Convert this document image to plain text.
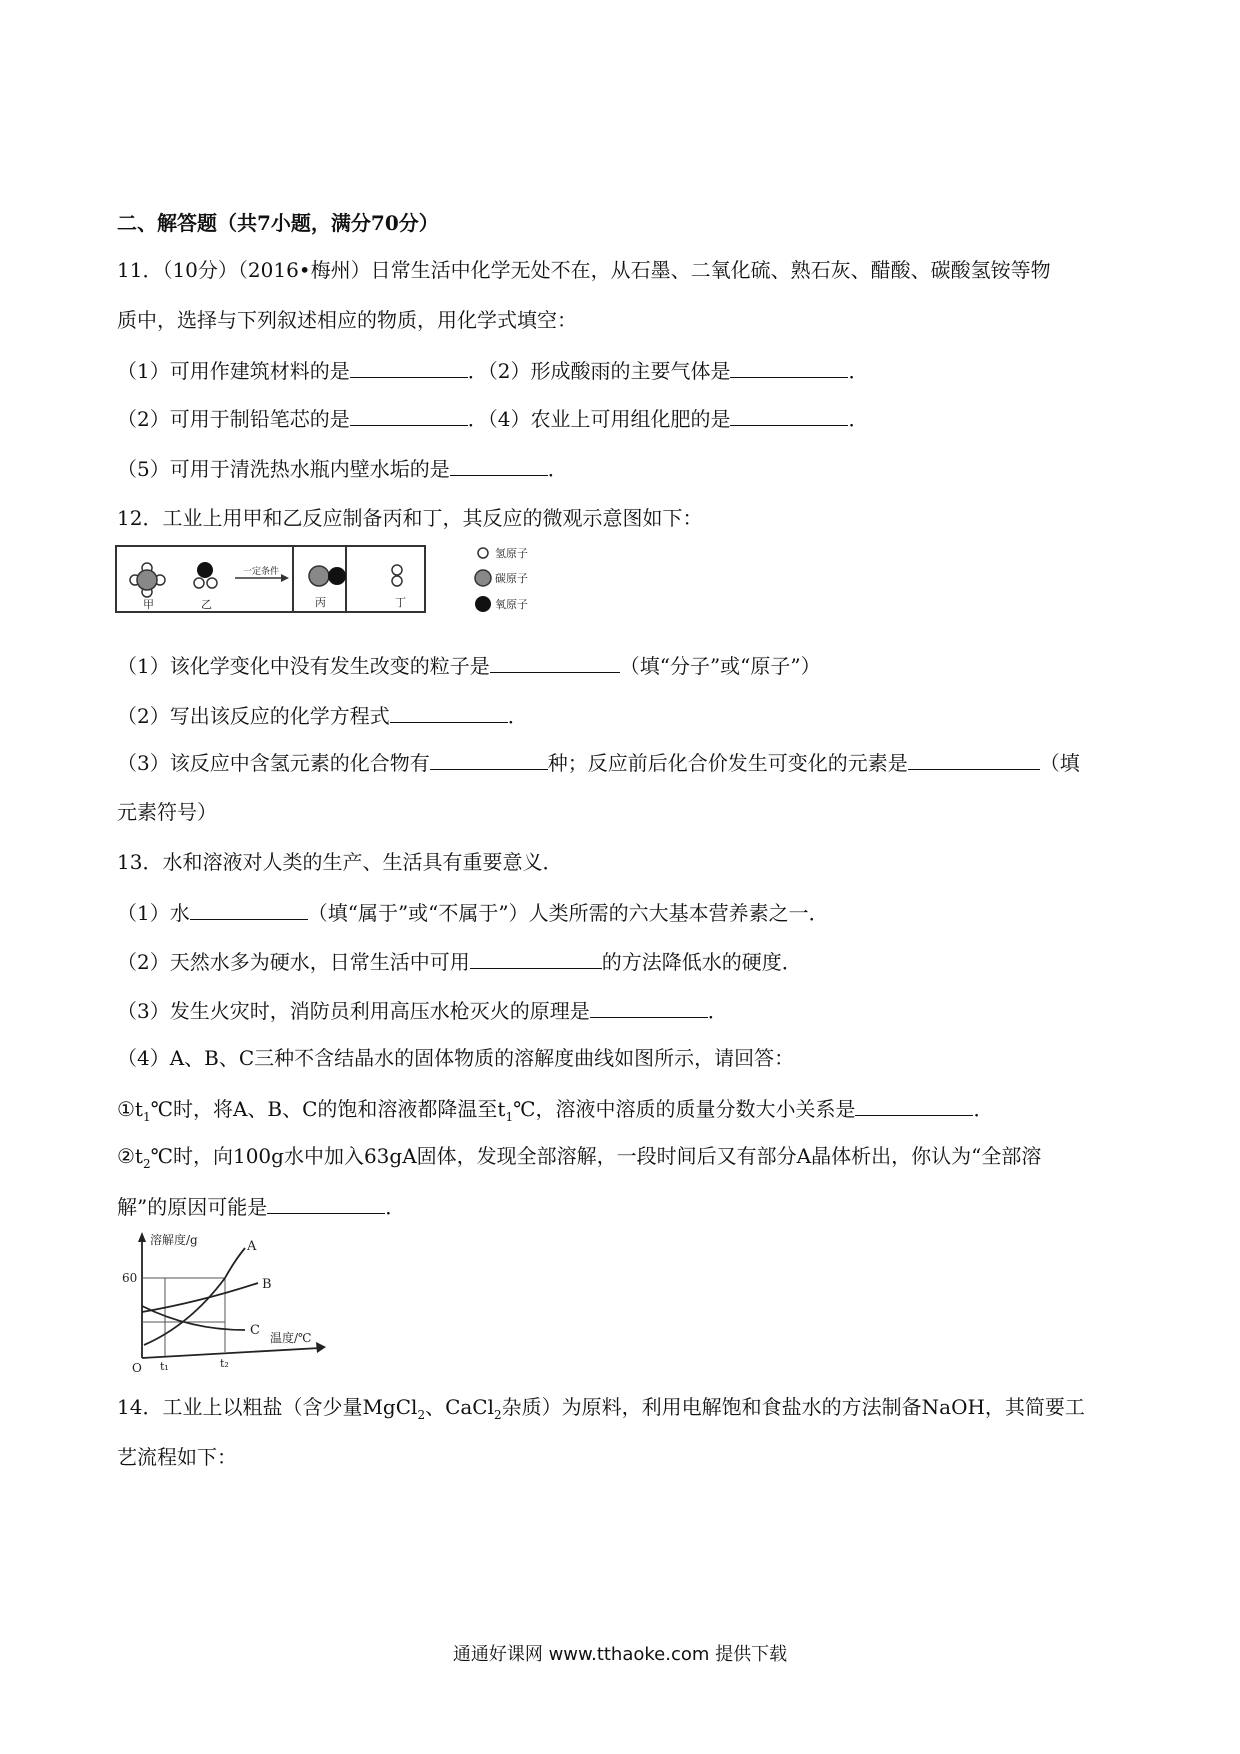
二、解答题（共7小题，满分70分）
11．（10分）（2016•梅州）日常生活中化学无处不在，从石墨、二氧化硫、熟石灰、醋酸、碳酸氢铵等物
质中，选择与下列叙述相应的物质，用化学式填空：
（1）可用作建筑材料的是	．（2）形成酸雨的主要气体是	．
（2）可用于制铅笔芯的是	．（4）农业上可用组化肥的是	．
（5）可用于清洗热水瓶内壁水垢的是	．
12．工业上用甲和乙反应制备丙和丁，其反应的微观示意图如下：
甲	乙
一定条件
丙	丁
氢原子
碳原子
氧原子
（1）该化学变化中没有发生改变的粒子是	（填“分子”或“原子”）
（2）写出该反应的化学方程式	．
（3）该反应中含氢元素的化合物有	种；反应前后化合价发生可变化的元素是	（填
元素符号）
13．水和溶液对人类的生产、生活具有重要意义．
（1）水	（填“属于”或“不属于”）人类所需的六大基本营养素之一．
（2）天然水多为硬水，日常生活中可用	的方法降低水的硬度．
（3）发生火灾时，消防员利用高压水枪灭火的原理是	．
（4）A、B、C三种不含结晶水的固体物质的溶解度曲线如图所示，请回答：
$①t_1℃$时，将A、B、C的饱和溶液都降温至$t_1℃$，溶液中溶质的质量分数大小关系是	．
$②t_2℃$时，向100g水中加入63gA固体，发现全部溶解，一段时间后又有部分A晶体析出，你认为“全部溶
解”的原因可能是	．
溶解度/g
温度/℃
60
O t₁	t₂
A
B
C
14．工业上以粗盐（含少量MgCl$_2$、CaCl$_2$杂质）为原料，利用电解饱和食盐水的方法制备NaOH，其简要工
艺流程如下：
通通好课网 www.tthaoke.com 提供下载
